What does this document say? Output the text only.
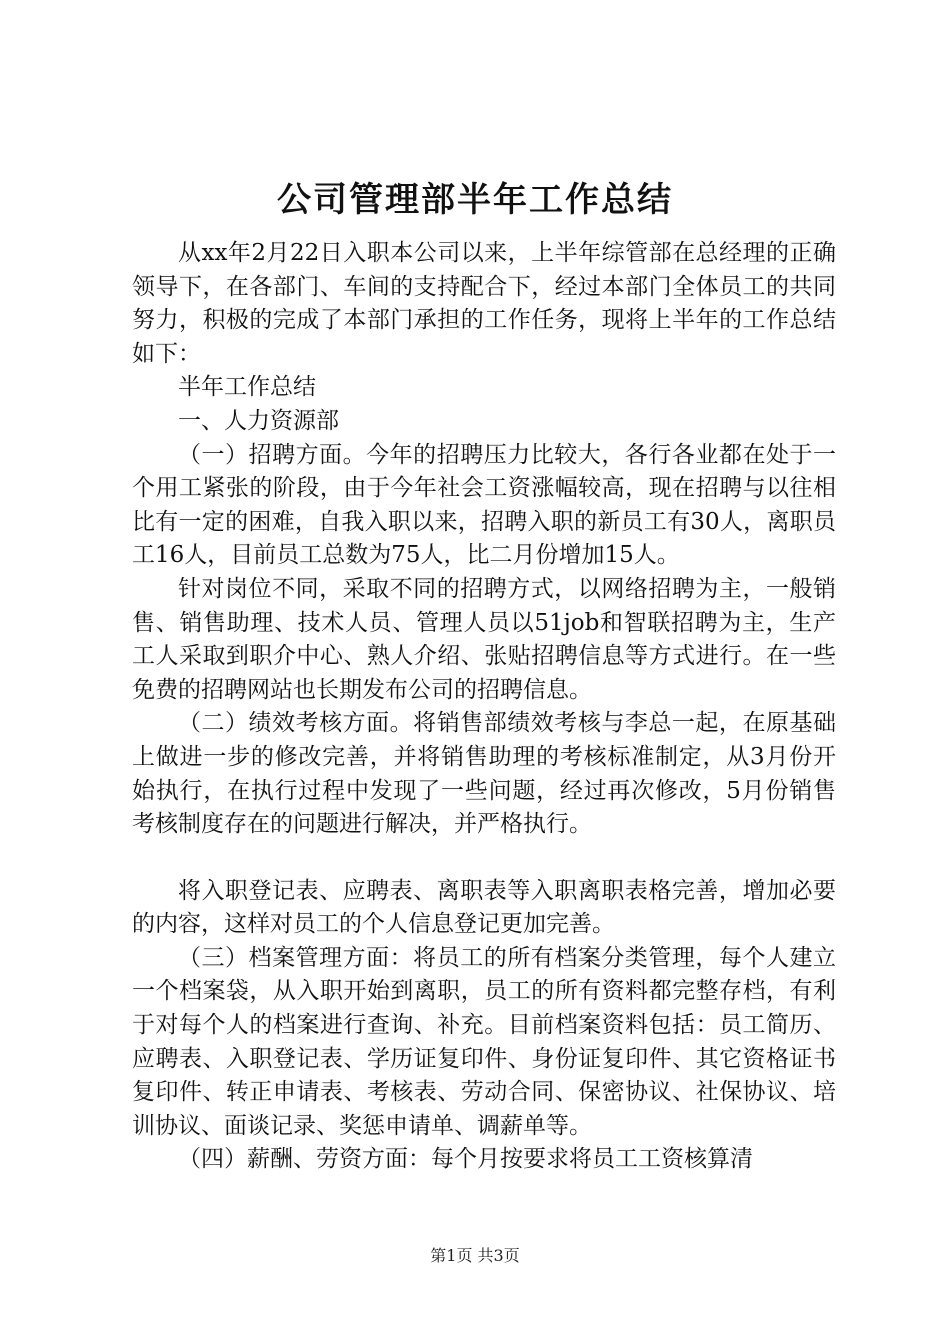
公司管理部半年工作总结

从xx年2月22日入职本公司以来，上半年综管部在总经理的正确领导下，在各部门、车间的支持配合下，经过本部门全体员工的共同努力，积极的完成了本部门承担的工作任务，现将上半年的工作总结如下：

半年工作总结

一、人力资源部

（一）招聘方面。今年的招聘压力比较大，各行各业都在处于一个用工紧张的阶段，由于今年社会工资涨幅较高，现在招聘与以往相比有一定的困难，自我入职以来，招聘入职的新员工有30人，离职员工16人，目前员工总数为75人，比二月份增加15人。

针对岗位不同，采取不同的招聘方式，以网络招聘为主，一般销售、销售助理、技术人员、管理人员以51job和智联招聘为主，生产工人采取到职介中心、熟人介绍、张贴招聘信息等方式进行。在一些免费的招聘网站也长期发布公司的招聘信息。

（二）绩效考核方面。将销售部绩效考核与李总一起，在原基础上做进一步的修改完善，并将销售助理的考核标准制定，从3月份开始执行，在执行过程中发现了一些问题，经过再次修改，5月份销售考核制度存在的问题进行解决，并严格执行。

将入职登记表、应聘表、离职表等入职离职表格完善，增加必要的内容，这样对员工的个人信息登记更加完善。

（三）档案管理方面：将员工的所有档案分类管理，每个人建立一个档案袋，从入职开始到离职，员工的所有资料都完整存档，有利于对每个人的档案进行查询、补充。目前档案资料包括：员工简历、应聘表、入职登记表、学历证复印件、身份证复印件、其它资格证书复印件、转正申请表、考核表、劳动合同、保密协议、社保协议、培训协议、面谈记录、奖惩申请单、调薪单等。

（四）薪酬、劳资方面：每个月按要求将员工工资核算清

第1页 共3页
